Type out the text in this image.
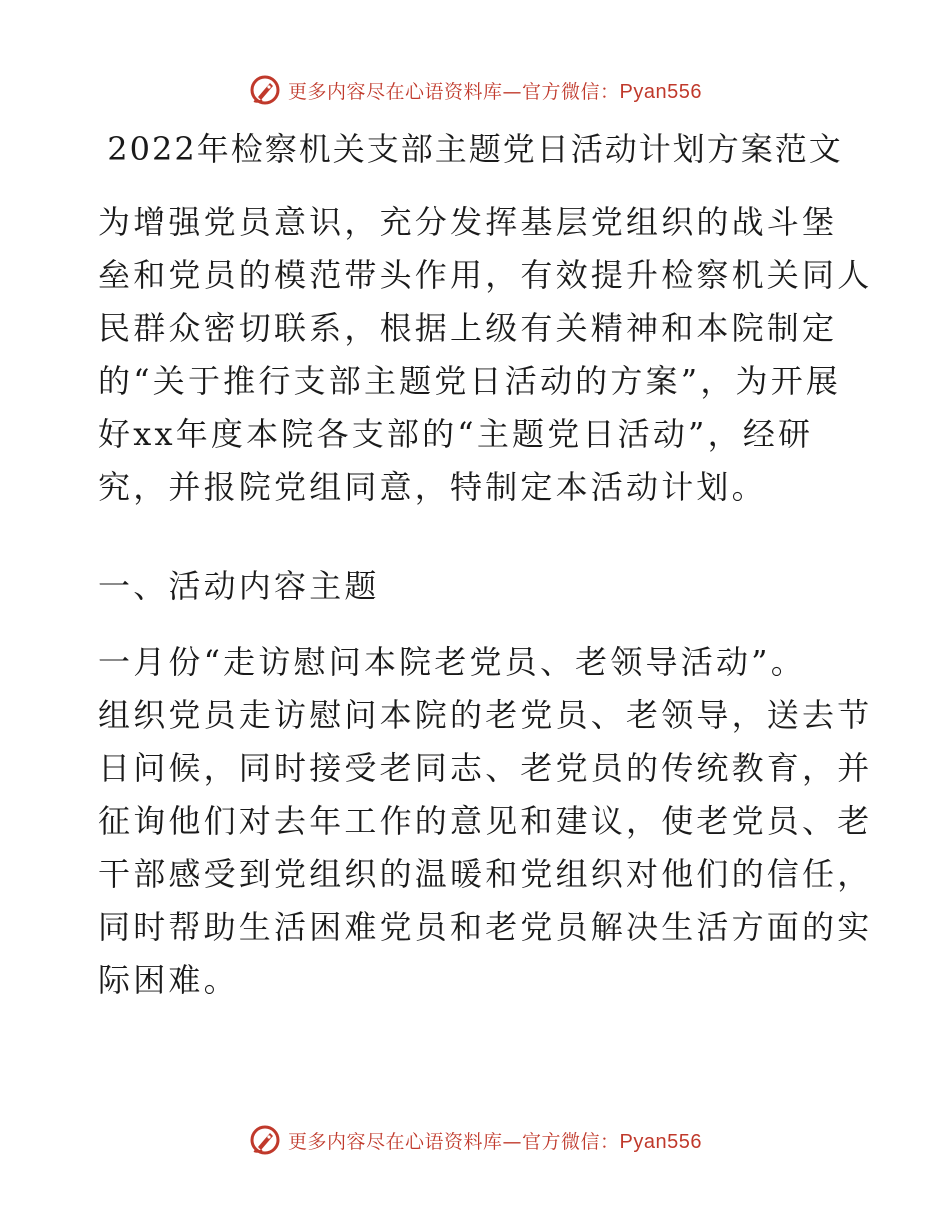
更多内容尽在心语资料库—官方微信：Pyan556
2022年检察机关支部主题党日活动计划方案范文
为增强党员意识，充分发挥基层党组织的战斗堡
垒和党员的模范带头作用，有效提升检察机关同人
民群众密切联系，根据上级有关精神和本院制定
的“关于推行支部主题党日活动的方案”，为开展
好xx年度本院各支部的“主题党日活动”，经研
究，并报院党组同意，特制定本活动计划。
一、活动内容主题
一月份“走访慰问本院老党员、老领导活动”。
组织党员走访慰问本院的老党员、老领导，送去节
日问候，同时接受老同志、老党员的传统教育，并
征询他们对去年工作的意见和建议，使老党员、老
干部感受到党组织的温暖和党组织对他们的信任，
同时帮助生活困难党员和老党员解决生活方面的实
际困难。
更多内容尽在心语资料库—官方微信：Pyan556
